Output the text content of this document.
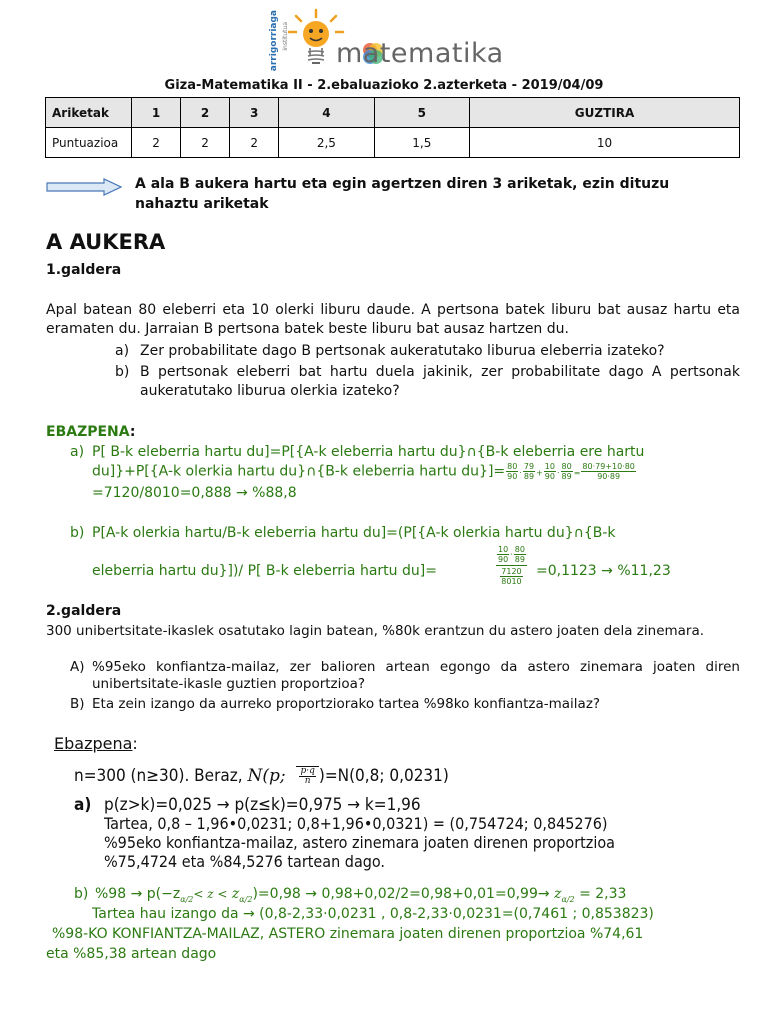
arrigorriaga institutua
matematika
Giza-Matematika II - 2.ebaluazioko 2.azterketa - 2019/04/09
Ariketak	1	2	3	4	5	GUZTIRA
Puntuazioa	2	2	2	2,5	1,5	10
A ala B aukera hartu eta egin agertzen diren 3 ariketak, ezin dituzu nahaztu ariketak
A AUKERA
1.galdera
Apal batean 80 eleberri eta 10 olerki liburu daude. A pertsona batek liburu bat ausaz hartu eta eramaten du. Jarraian B pertsona batek beste liburu bat ausaz hartzen du.
a) Zer probabilitate dago B pertsonak aukeratutako liburua eleberria izateko?
b) B pertsonak eleberri bat hartu duela jakinik, zer probabilitate dago A pertsonak aukeratutako liburua olerkia izateko?
EBAZPENA:
a) P[ B-k eleberria hartu du]=P[{A-k eleberria hartu du}∩{B-k eleberria ere hartu
du]}+P[{A-k olerkia hartu du}∩{B-k eleberria hartu $du\}]= \frac{80}{90} \cdot \frac{79}{89} + \frac{10}{90} \cdot \frac{80}{89} = \frac{80\cdot 79+10\cdot 80}{90\cdot 89}$
=7120/8010=0,888 → %88,8
b) P[A-k olerkia hartu/B-k eleberria hartu du]=(P[{A-k olerkia hartu du}∩{B-k
eleberria hartu du}])/ P[ B-k eleberria hartu du]=	$\frac{\frac{10}{90} \cdot \frac{80}{89}}{\frac{7120}{8010}} =0,1123 \to \%11,23$
2.galdera
300 unibertsitate-ikaslek osatutako lagin batean, %80k erantzun du astero joaten dela zinemara.
A) %95eko konfiantza-mailaz, zer balioren artean egongo da astero zinemara joaten diren unibertsitate-ikasle guztien proportzioa?
B) Eta zein izango da aurreko proportziorako tartea %98ko konfiantza-mailaz?
Ebazpena:
n=300 (n≥30). Beraz, N(p; $\frac{p\cdot q}{n} )=N(0,8$; 0,0231)
a) p(z>k)=0,025 → p(z≤k)=0,975 → k=1,96
Tartea, 0,8 – 1,96•0,0231; 0,8+1,96•0,0321) = (0,754724; 0,845276)
%95eko konfiantza-mailaz, astero zinemara joaten direnen proportzioa
%75,4724 eta %84,5276 tartean dago.
b) $\%98 \to p(-z_{\alpha/2}< z < z_{\alpha/2})=0,98 \to 0,98+0,02/2=0,98+0,01=0,99\to z_{\alpha/2} = 2,33$
Tartea hau izango da → (0,8-2,33·0,0231 , 0,8-2,33·0,0231=(0,7461 ; 0,853823)
%98-KO KONFIANTZA-MAILAZ, ASTERO zinemara joaten direnen proportzioa %74,61
eta %85,38 artean dago
